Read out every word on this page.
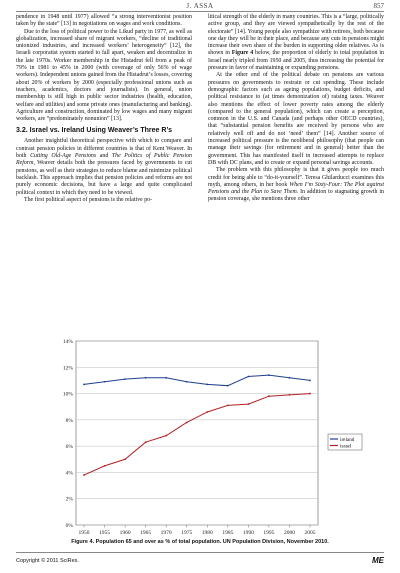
J. ASSA	857

pendence in 1948 until 1977) allowed “a strong interventionist position taken by the state” [13] in negotiations on wages and work conditions.

Due to the loss of political power to the Likud party in 1977, as well as globalization, increased share of migrant workers, “decline of traditional unionized industries, and increased workers’ heterogeneity” [12], the Israeli corporatist system started to fall apart, weaken and decentralize in the late 1970s. Worker membership in the Histadrut fell from a peak of 79% in 1981 to 45% in 2000 (with coverage of only 56% of wage workers). Independent unions gained from the Histadrut’s losses, covering about 20% of workers by 2000 (especially professional unions such as teachers, academics, doctors and journalists). In general, union membership is still high in public sector industries (health, education, welfare and utilities) and some private ones (manufacturing and banking). Agriculture and construction, dominated by low wages and many migrant workers, are “predominately nonunion” [13].

3.2. Israel vs. Ireland Using Weaver’s Three R’s

Another insightful theoretical perspective with which to compare and contrast pension policies in different countries is that of Kent Weaver. In both Cutting Old-Age Pensions and The Politics of Public Pension Reform, Weaver details both the pressures faced by governments to cut pensions, as well as their strategies to reduce blame and minimize political backlash. This approach implies that pension policies and reforms are not purely economic decisions, but have a large and quite complicated political context in which they need to be viewed.

The first political aspect of pensions is the relative po-

litical strength of the elderly in many countries. This is a “large, politically active group, and they are viewed sympathetically by the rest of the electorate” [14]. Young people also sympathize with retirees, both because one day they will be in their place, and because any cuts in pensions might increase their own share of the burden in supporting older relatives. As is shown in Figure 4 below, the proportion of elderly to total population in Israel nearly tripled from 1950 and 2005, thus increasing the potential for pressure in favor of maintaining or expanding pensions.

At the other end of the political debate on pensions are various pressures on governments to restrain or cut spending. These include demographic factors such as ageing populations, budget deficits, and political resistance to (at times demonization of) raising taxes. Weaver also mentions the effect of lower poverty rates among the elderly (compared to the general population), which can create a perception, common in the U.S. and Canada (and perhaps other OECD countries), that “substantial pension benefits are received by persons who are relatively well off and do not ‘need’ them” [14]. Another source of increased political pressure is the neoliberal philosophy (that people can manage their savings (for retirement and in general) better than the government. This has manifested itself in increased attempts to replace DB with DC plans, and to create or expand personal savings accounts.

The problem with this philosophy is that it gives people too much credit for being able to “do-it-yourself”. Teresa Ghilarducci examines this myth, among others, in her book When I’m Sixty-Four: The Plot against Pensions and the Plan to Save Them. In addition to stagnating growth in pension coverage, she mentions three other

0%
2%
4%
6%
8%
10%
12%
14%
1950 1955 1960 1965 1970 1975 1980 1985 1990 1995 2000 2005
ireland
israel
Figure 4. Population 65 and over as % of total population. UN Population Division, November 2010.
Copyright © 2011 SciRes.	ME
